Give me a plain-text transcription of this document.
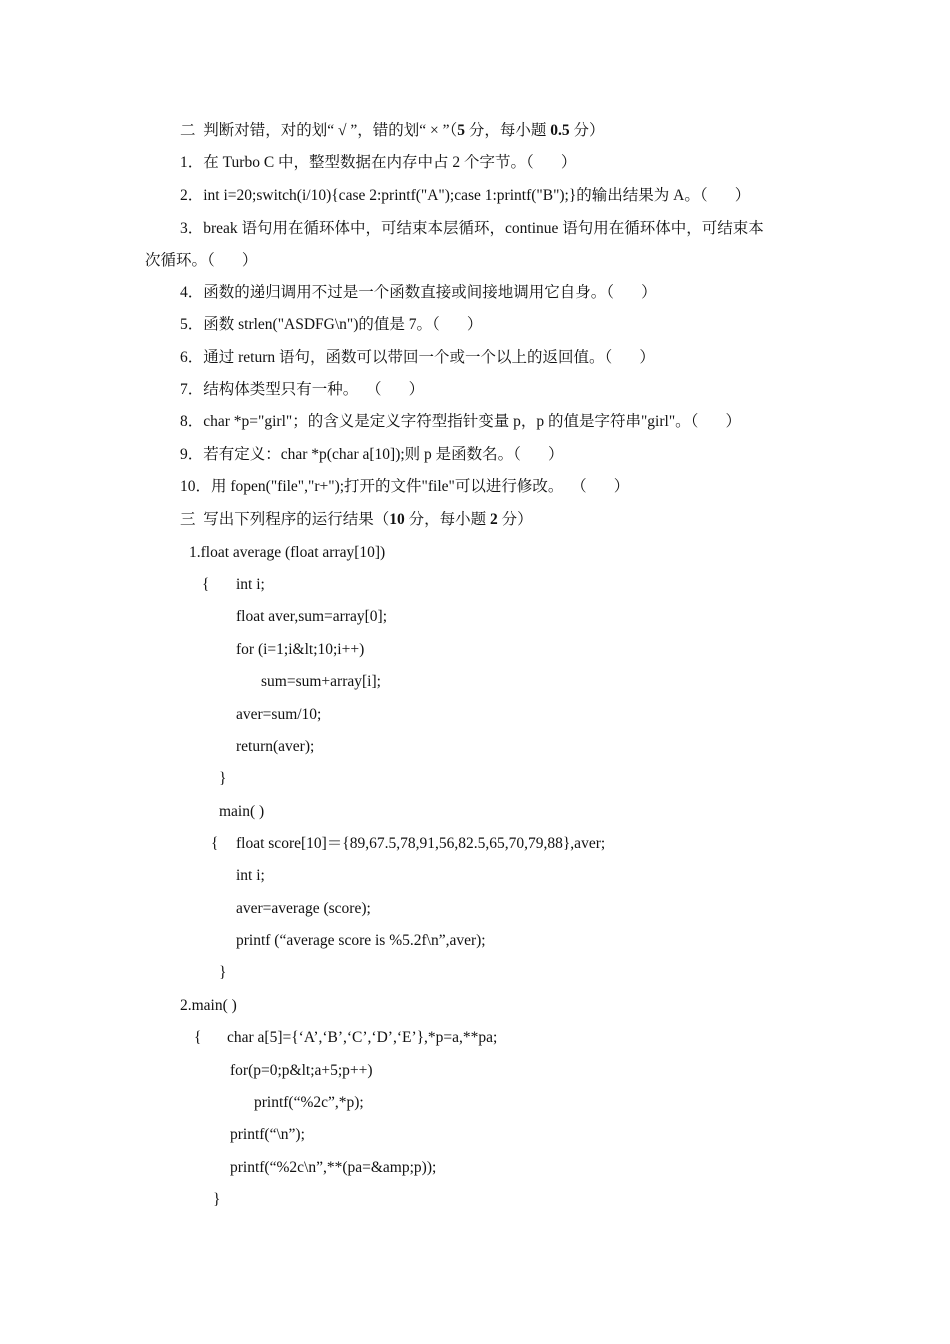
二  判断对错，对的划“ √ ”，错的划“ × ”（5 分，每小题 0.5 分）
1．在 Turbo C 中，整型数据在内存中占 2 个字节。（       ）
2．int i=20;switch(i/10){case 2:printf("A");case 1:printf("B");}的输出结果为 A。（       ）
3．break 语句用在循环体中，可结束本层循环，continue 语句用在循环体中，可结束本
次循环。（       ）
4．函数的递归调用不过是一个函数直接或间接地调用它自身。（       ）
5．函数 strlen("ASDFG\n")的值是 7。（       ）
6．通过 return 语句，函数可以带回一个或一个以上的返回值。（       ）
7．结构体类型只有一种。  （       ）
8．char *p="girl"；的含义是定义字符型指针变量 p，p 的值是字符串"girl"。（       ）
9．若有定义：char *p(char a[10]);则 p 是函数名。（       ）
10．用 fopen("file","r+");打开的文件"file"可以进行修改。  （       ）
三  写出下列程序的运行结果（10 分，每小题 2 分）
1.float average (float array[10])
{ int i;
float aver,sum=array[0];
for (i=1;i&lt;10;i++)
sum=sum+array[i];
aver=sum/10;
return(aver);
}
main( )
{ float score[10]＝{89,67.5,78,91,56,82.5,65,70,79,88},aver;
int i;
aver=average (score);
printf (“average score is %5.2f\n”,aver);
}
2.main( )
{ char a[5]={‘A’,‘B’,‘C’,‘D’,‘E’},*p=a,**pa;
for(p=0;p&lt;a+5;p++)
printf(“%2c”,*p);
printf(“\n”);
printf(“%2c\n”,**(pa=&amp;p));
}
